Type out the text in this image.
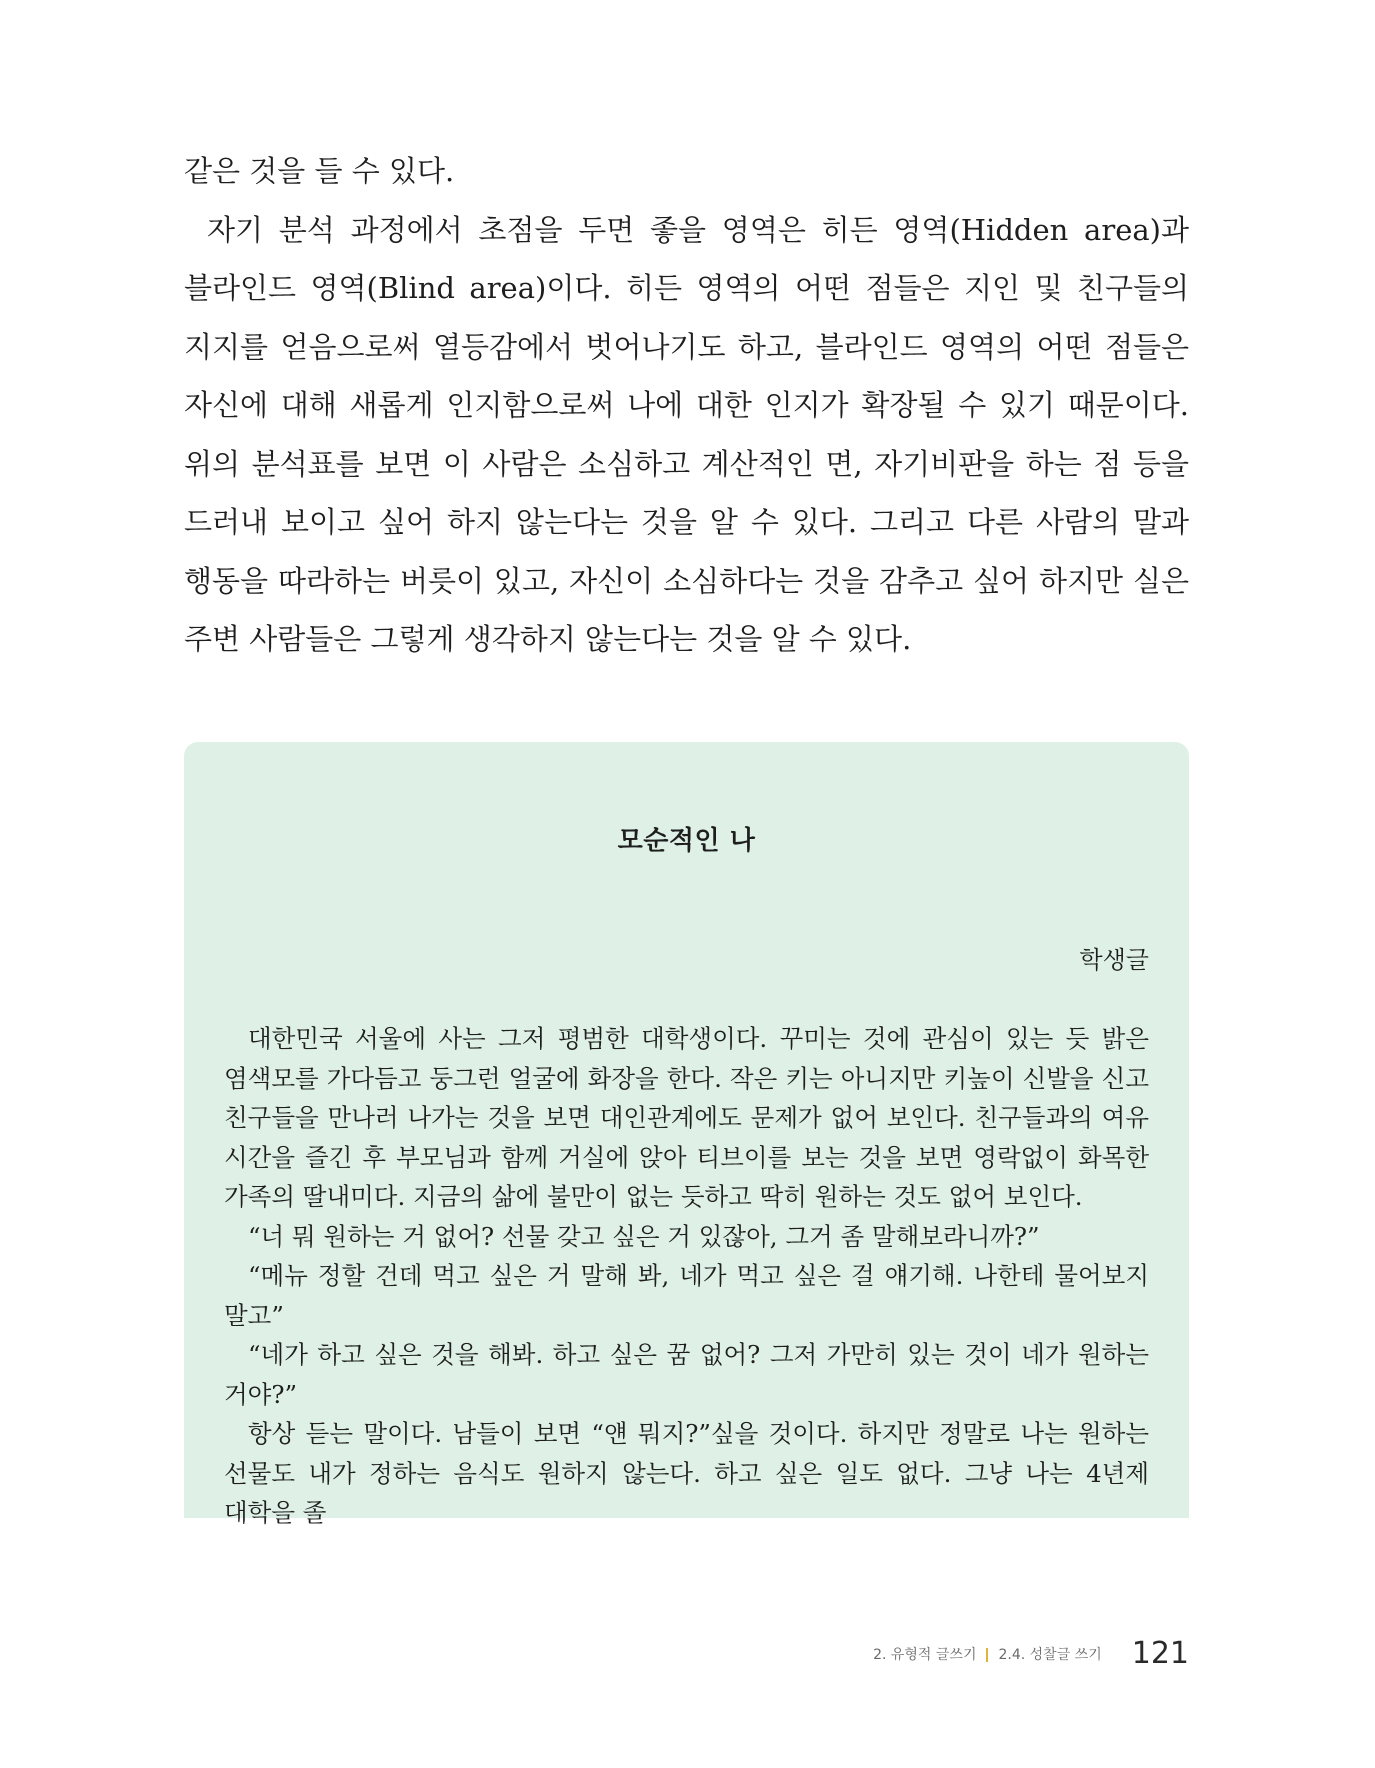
같은 것을 들 수 있다.

자기 분석 과정에서 초점을 두면 좋을 영역은 히든 영역(Hidden area)과 블라인드 영역(Blind area)이다. 히든 영역의 어떤 점들은 지인 및 친구들의 지지를 얻음으로써 열등감에서 벗어나기도 하고, 블라인드 영역의 어떤 점들은 자신에 대해 새롭게 인지함으로써 나에 대한 인지가 확장될 수 있기 때문이다. 위의 분석표를 보면 이 사람은 소심하고 계산적인 면, 자기비판을 하는 점 등을 드러내 보이고 싶어 하지 않는다는 것을 알 수 있다. 그리고 다른 사람의 말과 행동을 따라하는 버릇이 있고, 자신이 소심하다는 것을 감추고 싶어 하지만 실은 주변 사람들은 그렇게 생각하지 않는다는 것을 알 수 있다.

모순적인 나
학생글

대한민국 서울에 사는 그저 평범한 대학생이다. 꾸미는 것에 관심이 있는 듯 밝은 염색모를 가다듬고 둥그런 얼굴에 화장을 한다. 작은 키는 아니지만 키높이 신발을 신고 친구들을 만나러 나가는 것을 보면 대인관계에도 문제가 없어 보인다. 친구들과의 여유 시간을 즐긴 후 부모님과 함께 거실에 앉아 티브이를 보는 것을 보면 영락없이 화목한 가족의 딸내미다. 지금의 삶에 불만이 없는 듯하고 딱히 원하는 것도 없어 보인다.

“너 뭐 원하는 거 없어? 선물 갖고 싶은 거 있잖아, 그거 좀 말해보라니까?”

“메뉴 정할 건데 먹고 싶은 거 말해 봐, 네가 먹고 싶은 걸 얘기해. 나한테 물어보지 말고”

“네가 하고 싶은 것을 해봐. 하고 싶은 꿈 없어? 그저 가만히 있는 것이 네가 원하는 거야?”

항상 듣는 말이다. 남들이 보면 “얜 뭐지?”싶을 것이다. 하지만 정말로 나는 원하는 선물도 내가 정하는 음식도 원하지 않는다. 하고 싶은 일도 없다. 그냥 나는 4년제 대학을 졸

2. 유형적 글쓰기 2.4. 성찰글 쓰기 121
